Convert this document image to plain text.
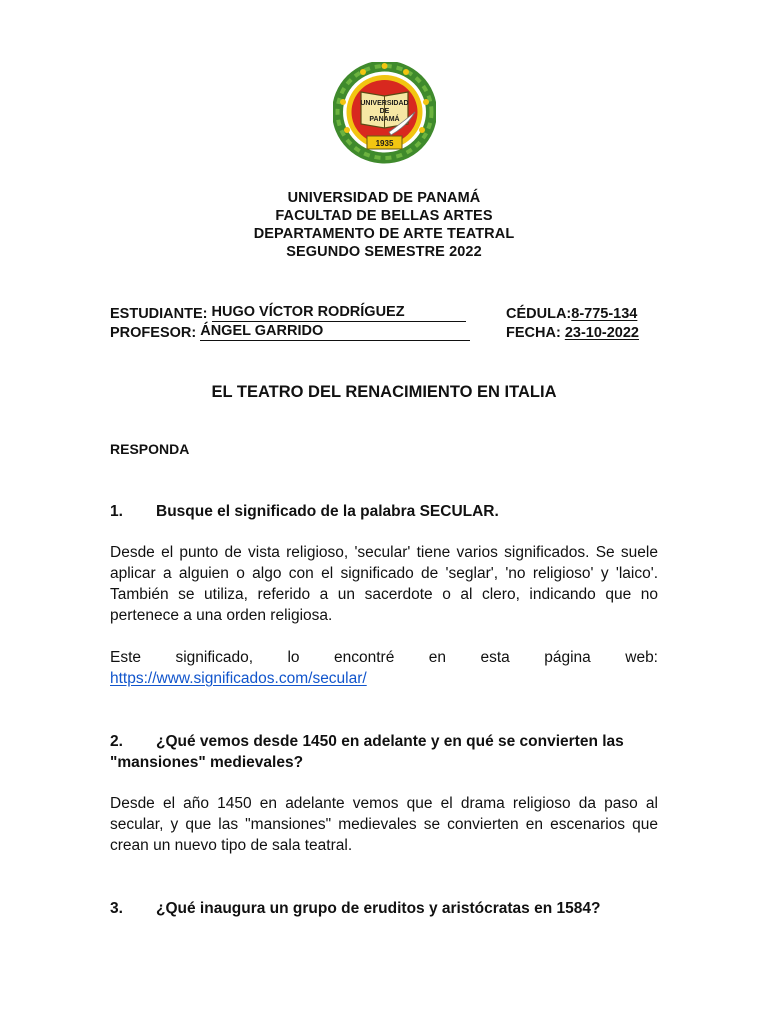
UNIVERSIDAD
DE
PANAMÁ
1935
UNIVERSIDAD DE PANAMÁ
FACULTAD DE BELLAS ARTES
DEPARTAMENTO DE ARTE TEATRAL
SEGUNDO SEMESTRE 2022
ESTUDIANTE: HUGO VÍCTOR RODRÍGUEZ	CÉDULA:8-775-134
PROFESOR: ÁNGEL GARRIDO	FECHA: 23-10-2022
EL TEATRO DEL RENACIMIENTO EN ITALIA
RESPONDA
1.	Busque el significado de la palabra SECULAR.
Desde el punto de vista religioso, 'secular' tiene varios significados. Se suele aplicar a alguien o algo con el significado de 'seglar', 'no religioso' y 'laico'. También se utiliza, referido a un sacerdote o al clero, indicando que no pertenece a una orden religiosa.
Este significado, lo encontré en esta página web:
https://www.significados.com/secular/
2.	¿Qué vemos desde 1450 en adelante y en qué se convierten las "mansiones" medievales?
Desde el año 1450 en adelante vemos que el drama religioso da paso al secular, y que las "mansiones" medievales se convierten en escenarios que crean un nuevo tipo de sala teatral.
3.	¿Qué inaugura un grupo de eruditos y aristócratas en 1584?
